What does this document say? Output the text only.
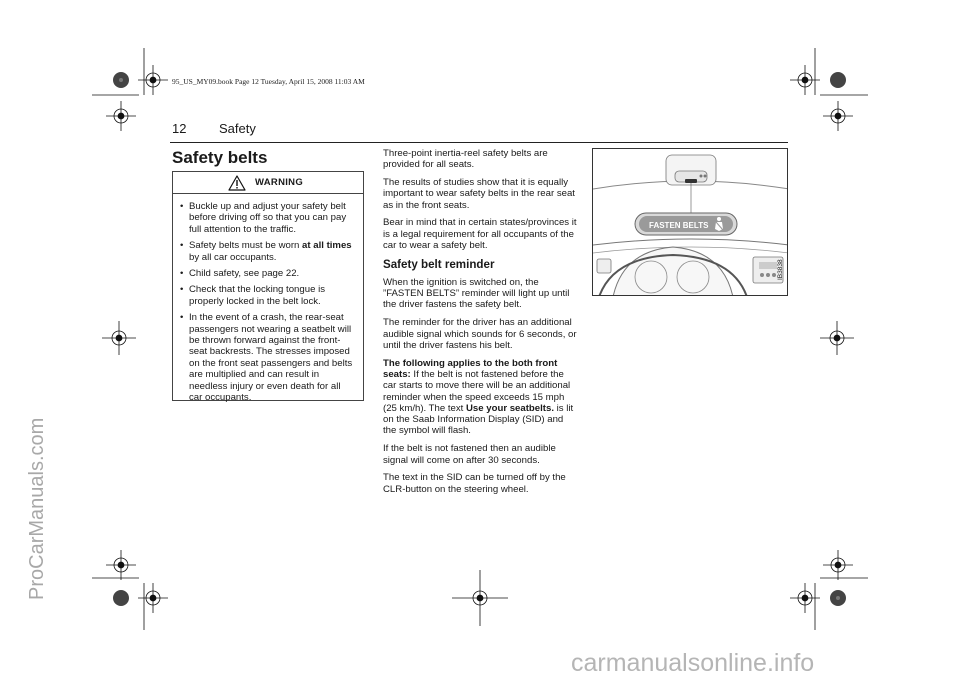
95_US_MY09.book Page 12 Tuesday, April 15, 2008 11:03 AM
12	Safety
Safety belts
WARNING
• Buckle up and adjust your safety belt before driving off so that you can pay full attention to the traffic.
• Safety belts must be worn at all times by all car occupants.
• Child safety, see page 22.
• Check that the locking tongue is properly locked in the belt lock.
• In the event of a crash, the rear-seat passengers not wearing a seatbelt will be thrown forward against the front-seat backrests. The stresses imposed on the front seat passengers and belts are multiplied and can result in needless injury or even death for all car occupants.

Three-point inertia-reel safety belts are provided for all seats.

The results of studies show that it is equally important to wear safety belts in the rear seat as in the front seats.

Bear in mind that in certain states/provinces it is a legal requirement for all occupants of the car to wear a safety belt.

Safety belt reminder

When the ignition is switched on, the ”FASTEN BELTS” reminder will light up until the driver fastens the safety belt.

The reminder for the driver has an additional audible signal which sounds for 6 seconds, or until the driver fastens his belt.

The following applies to the both front seats: If the belt is not fastened before the car starts to move there will be an additional reminder when the speed exceeds 15 mph (25 km/h). The text Use your seatbelts. is lit on the Saab Information Display (SID) and the symbol will flash.

If the belt is not fastened then an audible signal will come on after 30 seconds.

The text in the SID can be turned off by the CLR-button on the steering wheel.

FASTEN BELTS
IB3838
ProCarManuals.com
carmanualsonline.info
